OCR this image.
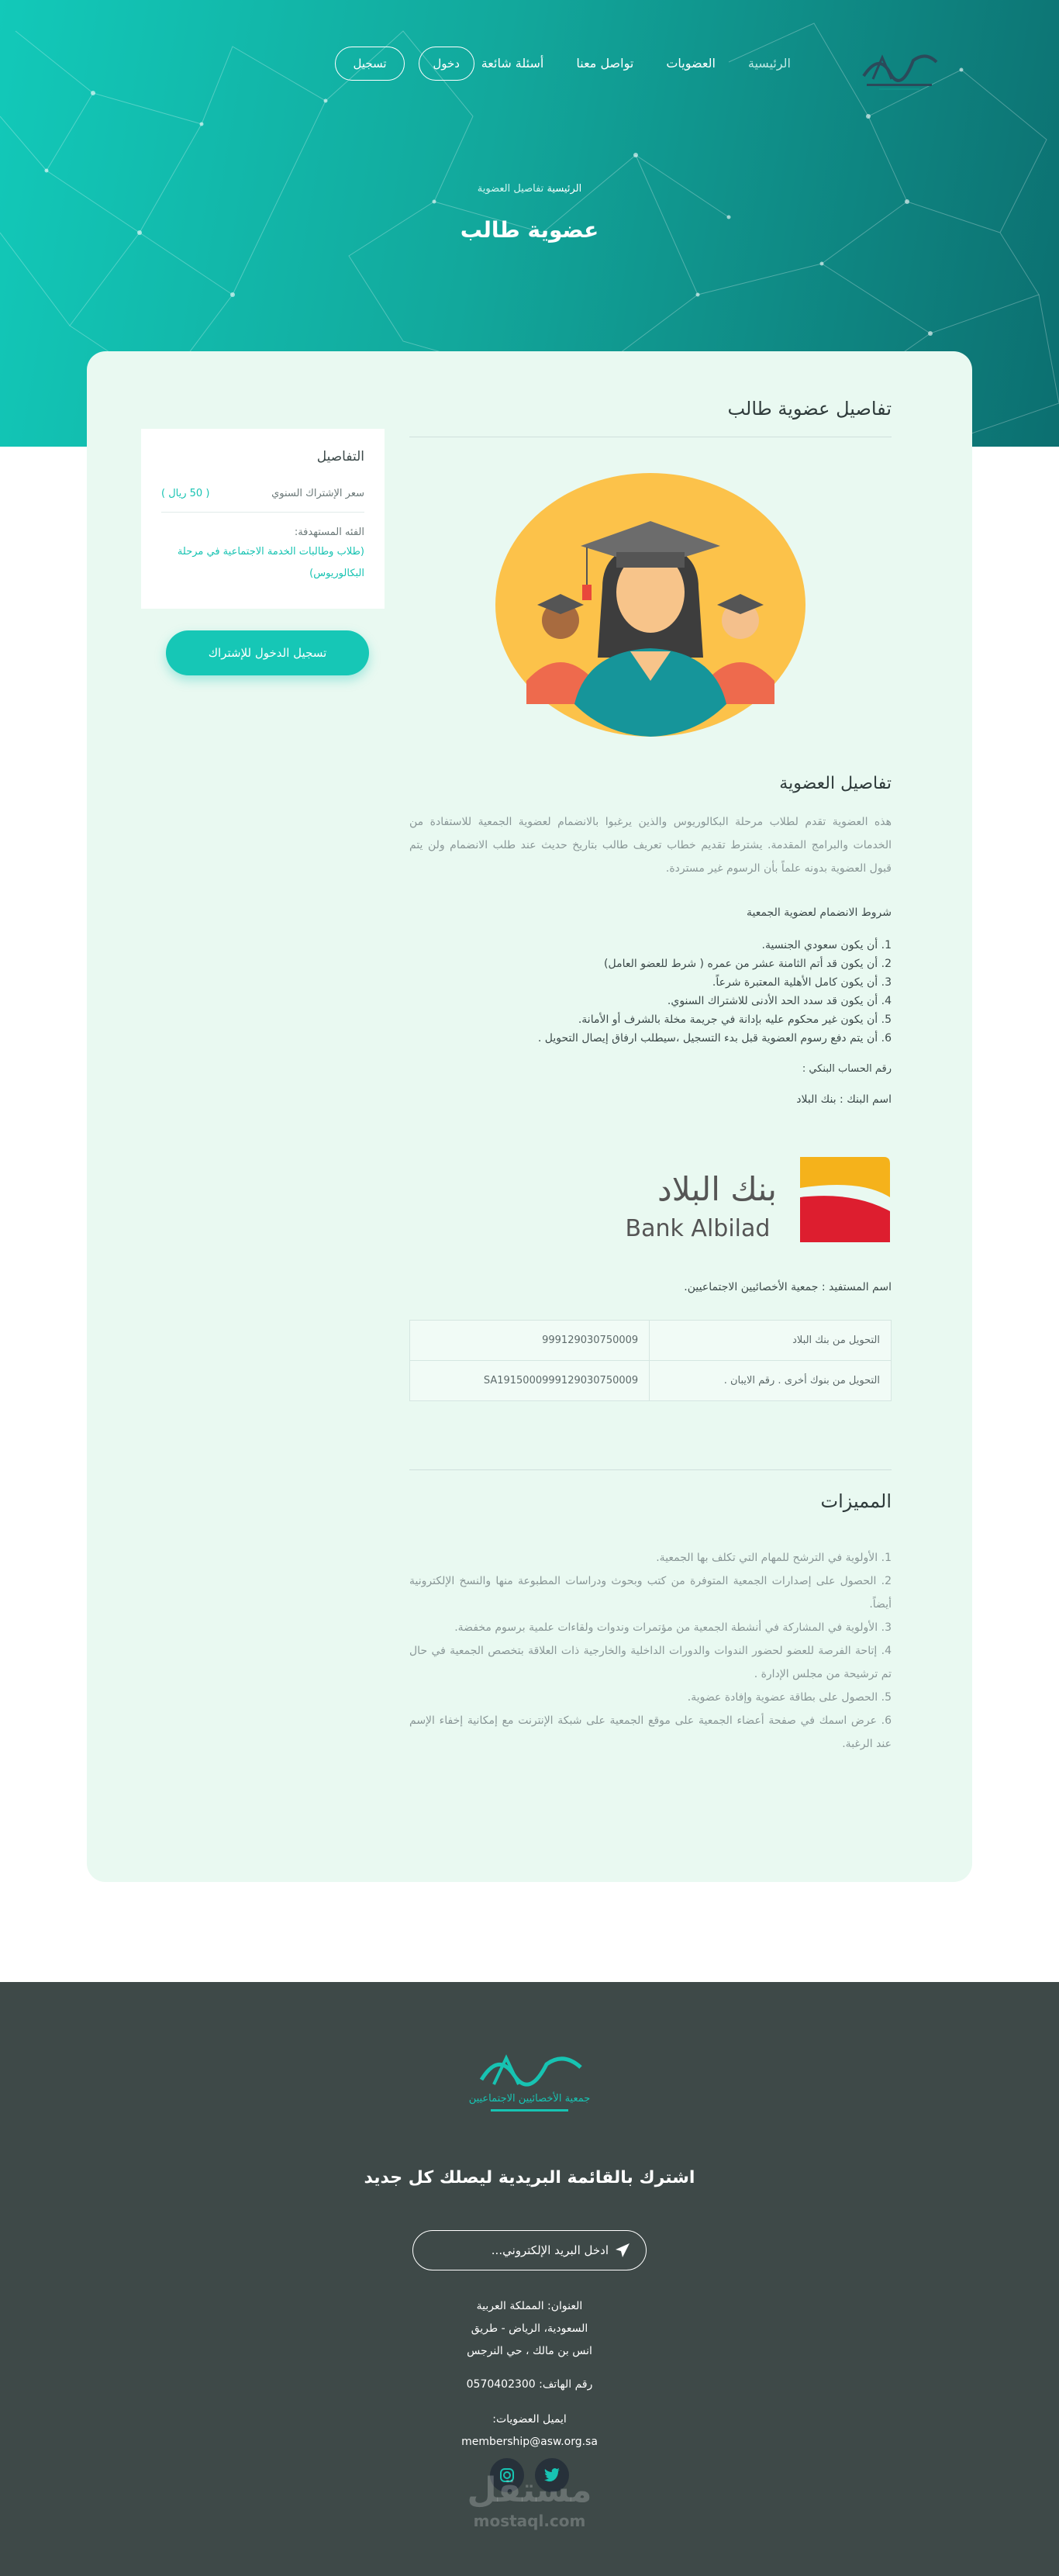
الرئيسية
العضويات
تواصل معنا
أسئلة شائعة
دخول
تسجيل
الرئيسية تفاصيل العضوية
عضوية طالب
التفاصيل
سعر الإشتراك السنوي
( 50 ريال )
الفئه المستهدفة:
(طلاب وطالبات الخدمة الاجتماعية في مرحلة البكالوريوس)
تسجيل الدخول للإشتراك
تفاصيل عضوية طالب
تفاصيل العضوية

هذه العضوية تقدم لطلاب مرحلة البكالوريوس والذين يرغبوا بالانضمام لعضوية الجمعية للاستفادة من الخدمات والبرامج المقدمة. يشترط تقديم خطاب تعريف طالب بتاريخ حديث عند طلب الانضمام ولن يتم قبول العضوية بدونه علماً بأن الرسوم غير مستردة.

شروط الانضمام لعضوية الجمعية

1. أن يكون سعودي الجنسية.
2. أن يكون قد أتم الثامنة عشر من عمره ( شرط للعضو العامل)
3. أن يكون كامل الأهلية المعتبرة شرعاً.
4. أن يكون قد سدد الحد الأدنى للاشتراك السنوي.
5. أن يكون غير محكوم عليه بإدانة في جريمة مخلة بالشرف أو الأمانة.
6. أن يتم دفع رسوم العضوية قبل بدء التسجيل ،سيطلب ارفاق إيصال التحويل .

رقم الحساب البنكي :

اسم البنك : بنك البلاد

بنك البلاد
Bank Albilad

اسم المستفيد : جمعية الأخصائيين الاجتماعيين.

التحويل من بنك البلاد	999129030750009
التحويل من بنوك أخرى . رقم الايبان .	SA1915000999129030750009
المميزات
1. الأولوية في الترشح للمهام التي تكلف بها الجمعية.
2. الحصول على إصدارات الجمعية المتوفرة من كتب وبحوث ودراسات المطبوعة منها والنسخ الإلكترونية أيضاً.
3. الأولوية في المشاركة في أنشطة الجمعية من مؤتمرات وندوات ولقاءات علمية برسوم مخفضة.
4. إتاحة الفرصة للعضو لحضور الندوات والدورات الداخلية والخارجية ذات العلاقة بتخصص الجمعية في حال تم ترشيحة من مجلس الإدارة .
5. الحصول على بطاقة عضوية وإفادة عضوية.
6. عرض اسمك في صفحة أعضاء الجمعية على موقع الجمعية على شبكة الإنترنت مع إمكانية إخفاء الإسم عند الرغبة.
جمعية الأخصائيين الاجتماعيين
اشترك بالقائمة البريدية ليصلك كل جديد
ادخل البريد الإلكتروني...
العنوان: المملكة العربية السعودية، الرياض - طريق انس بن مالك ، حي النرجس
رقم الهاتف: 0570402300
ايميل العضويات:
membership@asw.org.sa
مستقل
mostaql.com
